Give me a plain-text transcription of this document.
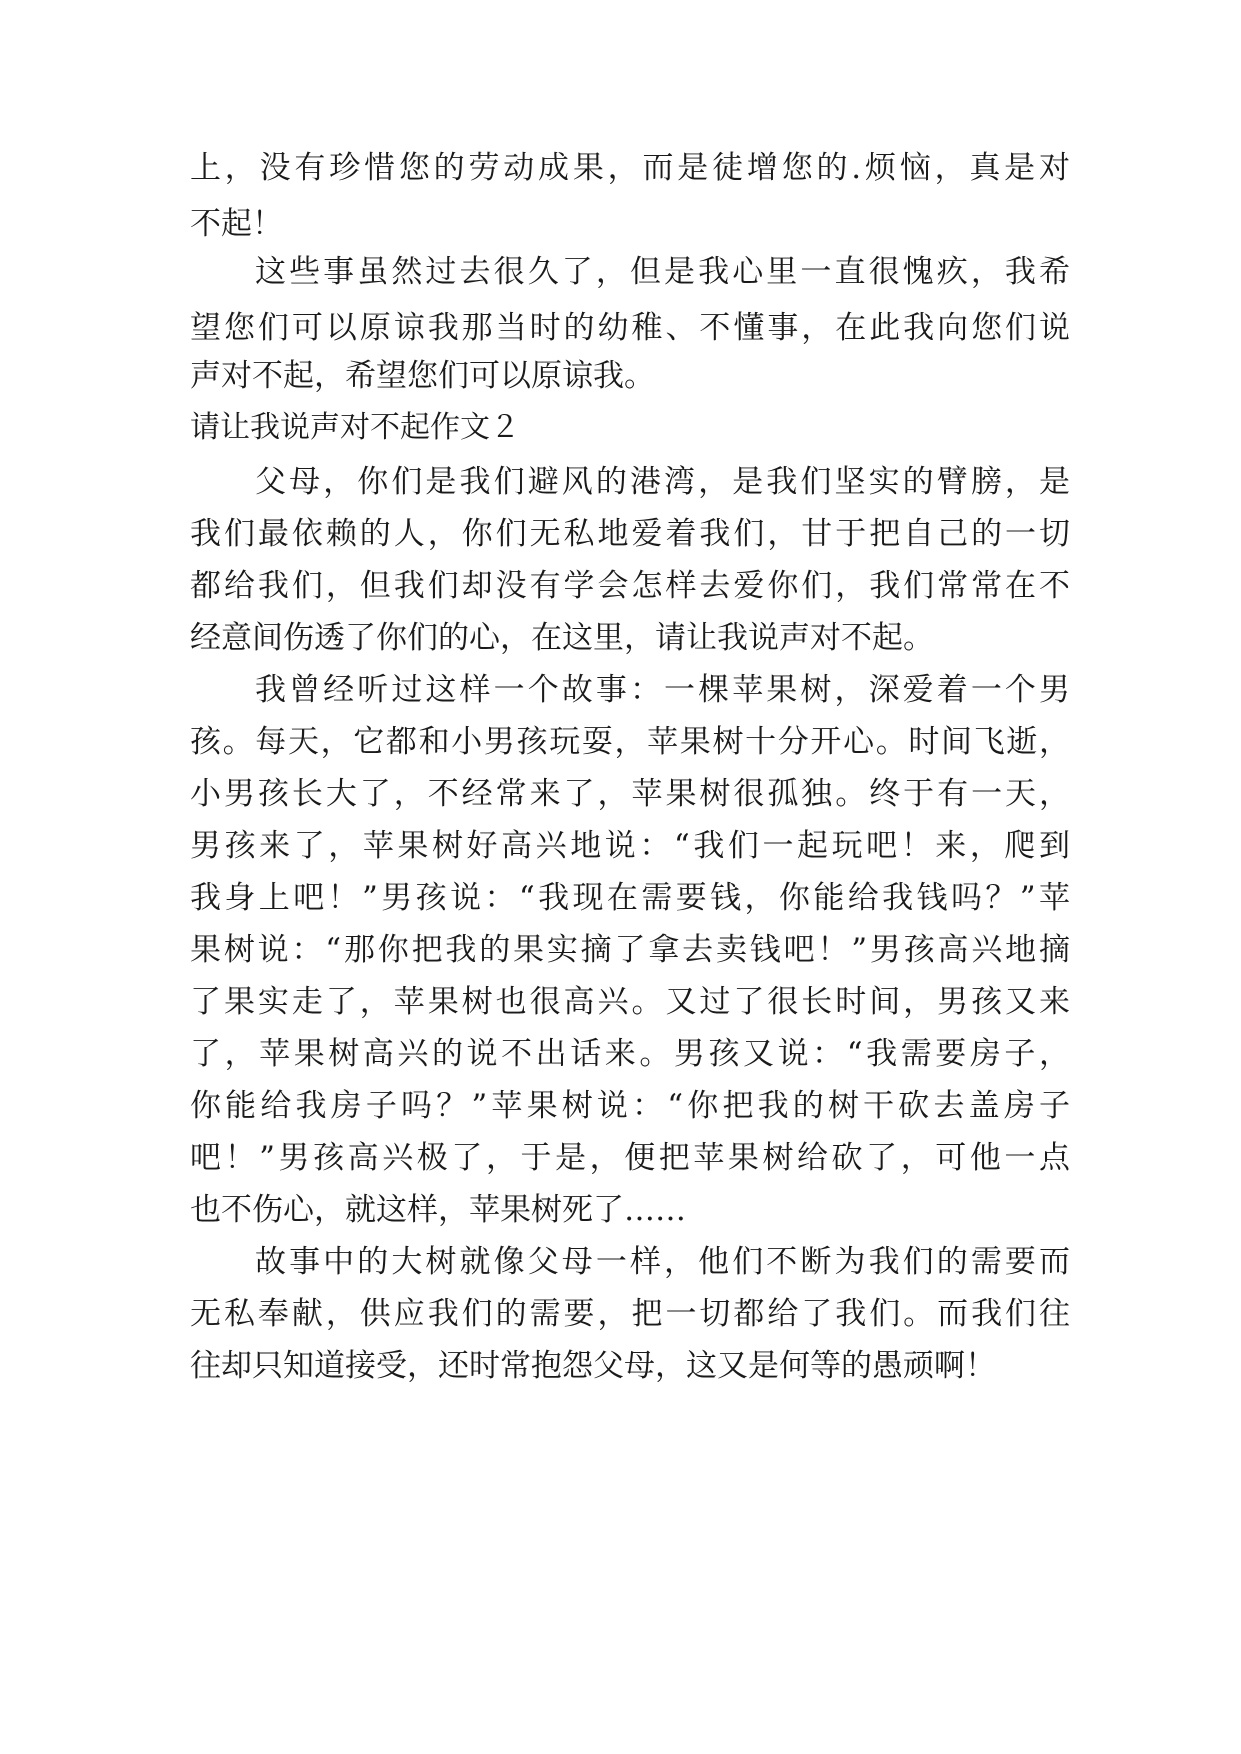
上，没有珍惜您的劳动成果，而是徒增您的.烦恼，真是对
不起！
这些事虽然过去很久了，但是我心里一直很愧疚，我希
望您们可以原谅我那当时的幼稚、不懂事，在此我向您们说
声对不起，希望您们可以原谅我。
请让我说声对不起作文２
父母，你们是我们避风的港湾，是我们坚实的臂膀，是
我们最依赖的人，你们无私地爱着我们，甘于把自己的一切
都给我们，但我们却没有学会怎样去爱你们，我们常常在不
经意间伤透了你们的心，在这里，请让我说声对不起。
我曾经听过这样一个故事：一棵苹果树，深爱着一个男
孩。每天，它都和小男孩玩耍，苹果树十分开心。时间飞逝，
小男孩长大了，不经常来了，苹果树很孤独。终于有一天，
男孩来了，苹果树好高兴地说：“我们一起玩吧！来，爬到
我身上吧！”男孩说：“我现在需要钱，你能给我钱吗？”苹
果树说：“那你把我的果实摘了拿去卖钱吧！”男孩高兴地摘
了果实走了，苹果树也很高兴。又过了很长时间，男孩又来
了，苹果树高兴的说不出话来。男孩又说：“我需要房子，
你能给我房子吗？”苹果树说：“你把我的树干砍去盖房子
吧！”男孩高兴极了，于是，便把苹果树给砍了，可他一点
也不伤心，就这样，苹果树死了……
故事中的大树就像父母一样，他们不断为我们的需要而
无私奉献，供应我们的需要，把一切都给了我们。而我们往
往却只知道接受，还时常抱怨父母，这又是何等的愚顽啊！
